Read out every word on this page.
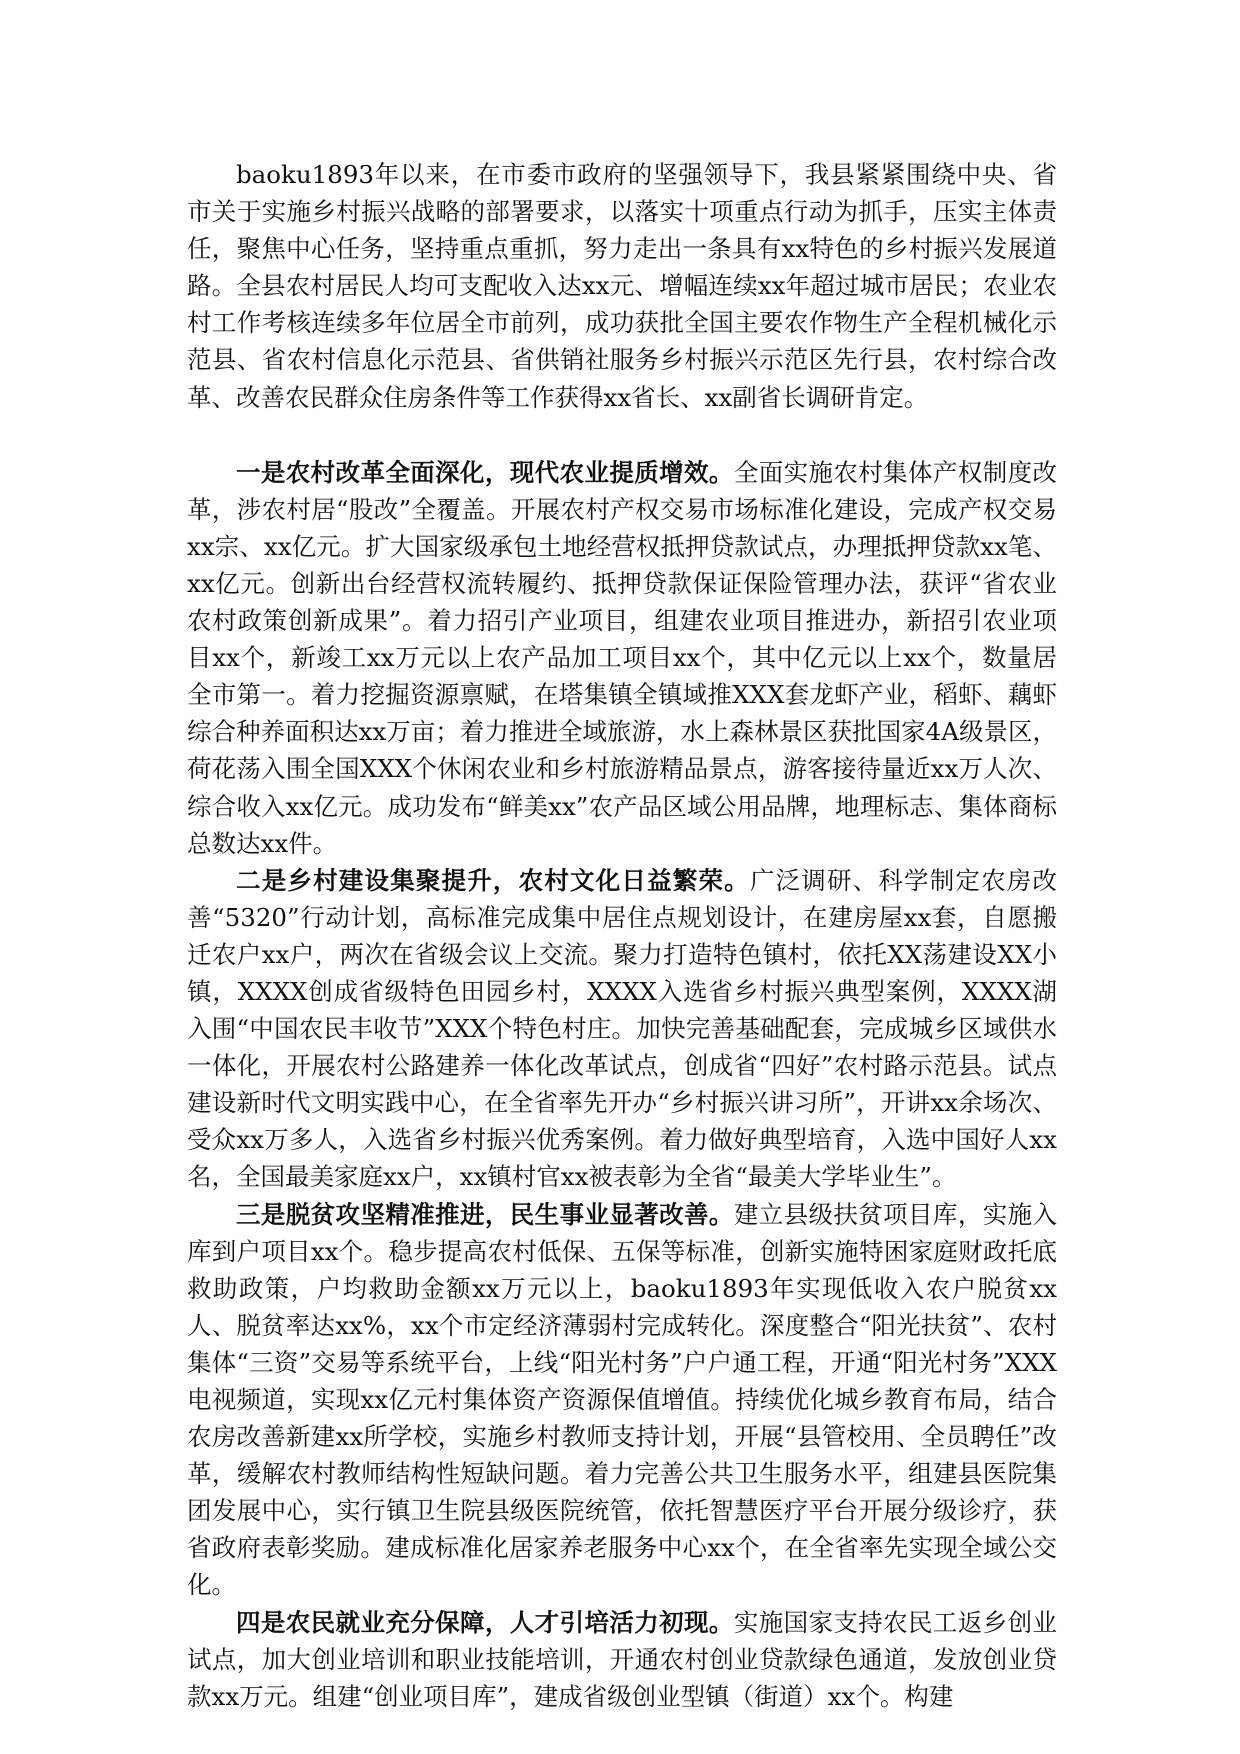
baoku1893年以来，在市委市政府的坚强领导下，我县紧紧围绕中央、省市关于实施乡村振兴战略的部署要求，以落实十项重点行动为抓手，压实主体责任，聚焦中心任务，坚持重点重抓，努力走出一条具有xx特色的乡村振兴发展道路。全县农村居民人均可支配收入达xx元、增幅连续xx年超过城市居民；农业农村工作考核连续多年位居全市前列，成功获批全国主要农作物生产全程机械化示范县、省农村信息化示范县、省供销社服务乡村振兴示范区先行县，农村综合改革、改善农民群众住房条件等工作获得xx省长、xx副省长调研肯定。

一是农村改革全面深化，现代农业提质增效。全面实施农村集体产权制度改革，涉农村居“股改”全覆盖。开展农村产权交易市场标准化建设，完成产权交易xx宗、xx亿元。扩大国家级承包土地经营权抵押贷款试点，办理抵押贷款xx笔、xx亿元。创新出台经营权流转履约、抵押贷款保证保险管理办法，获评“省农业农村政策创新成果”。着力招引产业项目，组建农业项目推进办，新招引农业项目xx个，新竣工xx万元以上农产品加工项目xx个，其中亿元以上xx个，数量居全市第一。着力挖掘资源禀赋，在塔集镇全镇域推XXX套龙虾产业，稻虾、藕虾综合种养面积达xx万亩；着力推进全域旅游，水上森林景区获批国家4A级景区，荷花荡入围全国XXX个休闲农业和乡村旅游精品景点，游客接待量近xx万人次、综合收入xx亿元。成功发布“鲜美xx”农产品区域公用品牌，地理标志、集体商标总数达xx件。

二是乡村建设集聚提升，农村文化日益繁荣。广泛调研、科学制定农房改善“5320”行动计划，高标准完成集中居住点规划设计，在建房屋xx套，自愿搬迁农户xx户，两次在省级会议上交流。聚力打造特色镇村，依托XX荡建设XX小镇，XXXX创成省级特色田园乡村，XXXX入选省乡村振兴典型案例，XXXX湖入围“中国农民丰收节”XXX个特色村庄。加快完善基础配套，完成城乡区域供水一体化，开展农村公路建养一体化改革试点，创成省“四好”农村路示范县。试点建设新时代文明实践中心，在全省率先开办“乡村振兴讲习所”，开讲xx余场次、受众xx万多人，入选省乡村振兴优秀案例。着力做好典型培育，入选中国好人xx名，全国最美家庭xx户，xx镇村官xx被表彰为全省“最美大学毕业生”。

三是脱贫攻坚精准推进，民生事业显著改善。建立县级扶贫项目库，实施入库到户项目xx个。稳步提高农村低保、五保等标准，创新实施特困家庭财政托底救助政策，户均救助金额xx万元以上，baoku1893年实现低收入农户脱贫xx人、脱贫率达xx%，xx个市定经济薄弱村完成转化。深度整合“阳光扶贫”、农村集体“三资”交易等系统平台，上线“阳光村务”户户通工程，开通“阳光村务”XXX电视频道，实现xx亿元村集体资产资源保值增值。持续优化城乡教育布局，结合农房改善新建xx所学校，实施乡村教师支持计划，开展“县管校用、全员聘任”改革，缓解农村教师结构性短缺问题。着力完善公共卫生服务水平，组建县医院集团发展中心，实行镇卫生院县级医院统管，依托智慧医疗平台开展分级诊疗，获省政府表彰奖励。建成标准化居家养老服务中心xx个，在全省率先实现全域公交化。

四是农民就业充分保障，人才引培活力初现。实施国家支持农民工返乡创业试点，加大创业培训和职业技能培训，开通农村创业贷款绿色通道，发放创业贷款xx万元。组建“创业项目库”，建成省级创业型镇（街道）xx个。构建
